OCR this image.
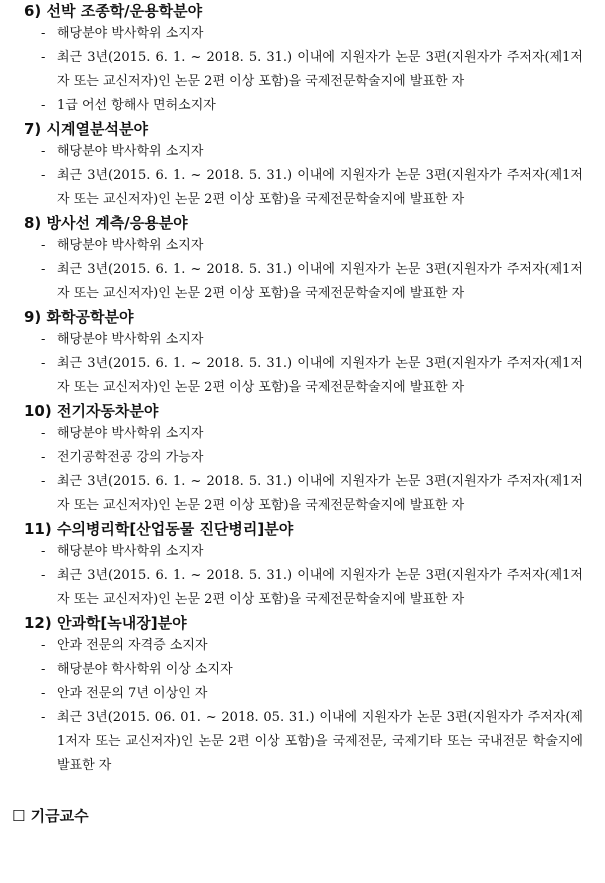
6) 선박 조종학/운용학분야
- 해당분야 박사학위 소지자
- 최근 3년(2015. 6. 1. ~ 2018. 5. 31.) 이내에 지원자가 논문 3편(지원자가 주저자(제1저자 또는 교신저자)인 논문 2편 이상 포함)을 국제전문학술지에 발표한 자
- 1급 어선 항해사 면허소지자
7) 시계열분석분야
- 해당분야 박사학위 소지자
- 최근 3년(2015. 6. 1. ~ 2018. 5. 31.) 이내에 지원자가 논문 3편(지원자가 주저자(제1저자 또는 교신저자)인 논문 2편 이상 포함)을 국제전문학술지에 발표한 자
8) 방사선 계측/응용분야
- 해당분야 박사학위 소지자
- 최근 3년(2015. 6. 1. ~ 2018. 5. 31.) 이내에 지원자가 논문 3편(지원자가 주저자(제1저자 또는 교신저자)인 논문 2편 이상 포함)을 국제전문학술지에 발표한 자
9) 화학공학분야
- 해당분야 박사학위 소지자
- 최근 3년(2015. 6. 1. ~ 2018. 5. 31.) 이내에 지원자가 논문 3편(지원자가 주저자(제1저자 또는 교신저자)인 논문 2편 이상 포함)을 국제전문학술지에 발표한 자
10) 전기자동차분야
- 해당분야 박사학위 소지자
- 전기공학전공 강의 가능자
- 최근 3년(2015. 6. 1. ~ 2018. 5. 31.) 이내에 지원자가 논문 3편(지원자가 주저자(제1저자 또는 교신저자)인 논문 2편 이상 포함)을 국제전문학술지에 발표한 자
11) 수의병리학[산업동물 진단병리]분야
- 해당분야 박사학위 소지자
- 최근 3년(2015. 6. 1. ~ 2018. 5. 31.) 이내에 지원자가 논문 3편(지원자가 주저자(제1저자 또는 교신저자)인 논문 2편 이상 포함)을 국제전문학술지에 발표한 자
12) 안과학[녹내장]분야
- 안과 전문의 자격증 소지자
- 해당분야 학사학위 이상 소지자
- 안과 전문의 7년 이상인 자
- 최근 3년(2015. 06. 01. ~ 2018. 05. 31.) 이내에 지원자가 논문 3편(지원자가 주저자(제1저자 또는 교신저자)인 논문 2편 이상 포함)을 국제전문, 국제기타 또는 국내전문 학술지에 발표한 자
☐ 기금교수
